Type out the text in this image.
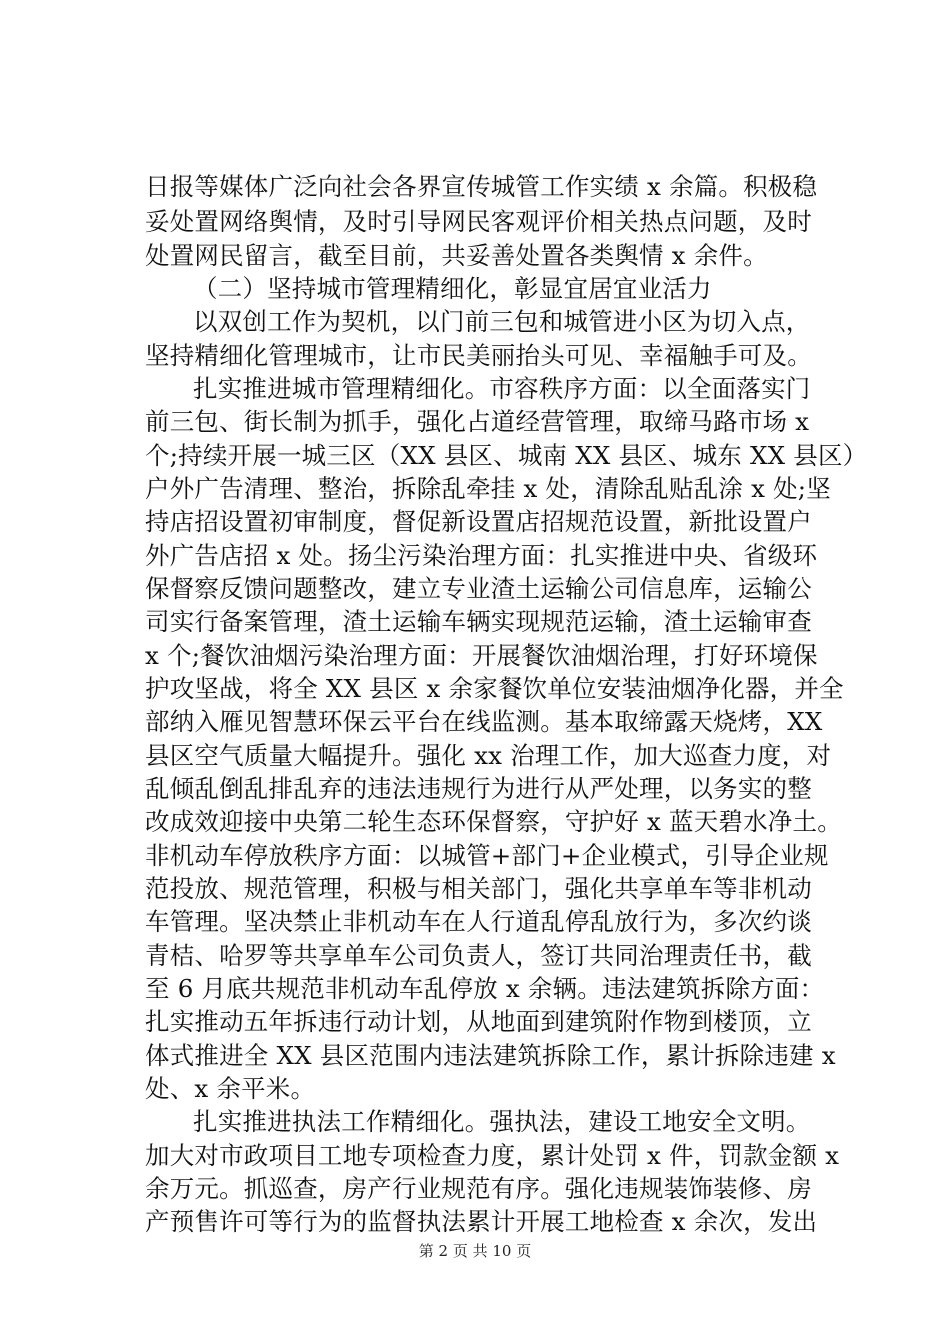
日报等媒体广泛向社会各界宣传城管工作实绩 x 余篇。积极稳
妥处置网络舆情，及时引导网民客观评价相关热点问题，及时
处置网民留言，截至目前，共妥善处置各类舆情 x 余件。
（二）坚持城市管理精细化，彰显宜居宜业活力
以双创工作为契机，以门前三包和城管进小区为切入点，
坚持精细化管理城市，让市民美丽抬头可见、幸福触手可及。
扎实推进城市管理精细化。市容秩序方面：以全面落实门
前三包、街长制为抓手，强化占道经营管理，取缔马路市场 x
个;持续开展一城三区（XX 县区、城南 XX 县区、城东 XX 县区）
户外广告清理、整治，拆除乱牵挂 x 处，清除乱贴乱涂 x 处;坚
持店招设置初审制度，督促新设置店招规范设置，新批设置户
外广告店招 x 处。扬尘污染治理方面：扎实推进中央、省级环
保督察反馈问题整改，建立专业渣土运输公司信息库，运输公
司实行备案管理，渣土运输车辆实现规范运输，渣土运输审查
x 个;餐饮油烟污染治理方面：开展餐饮油烟治理，打好环境保
护攻坚战，将全 XX 县区 x 余家餐饮单位安装油烟净化器，并全
部纳入雁见智慧环保云平台在线监测。基本取缔露天烧烤，XX
县区空气质量大幅提升。强化 xx 治理工作，加大巡查力度，对
乱倾乱倒乱排乱弃的违法违规行为进行从严处理，以务实的整
改成效迎接中央第二轮生态环保督察，守护好 x 蓝天碧水净土。
非机动车停放秩序方面：以城管+部门+企业模式，引导企业规
范投放、规范管理，积极与相关部门，强化共享单车等非机动
车管理。坚决禁止非机动车在人行道乱停乱放行为，多次约谈
青桔、哈罗等共享单车公司负责人，签订共同治理责任书，截
至 6 月底共规范非机动车乱停放 x 余辆。违法建筑拆除方面：
扎实推动五年拆违行动计划，从地面到建筑附作物到楼顶，立
体式推进全 XX 县区范围内违法建筑拆除工作，累计拆除违建 x
处、x 余平米。
扎实推进执法工作精细化。强执法，建设工地安全文明。
加大对市政项目工地专项检查力度，累计处罚 x 件，罚款金额 x
余万元。抓巡查，房产行业规范有序。强化违规装饰装修、房
产预售许可等行为的监督执法累计开展工地检查 x 余次，发出
第 2 页 共 10 页
